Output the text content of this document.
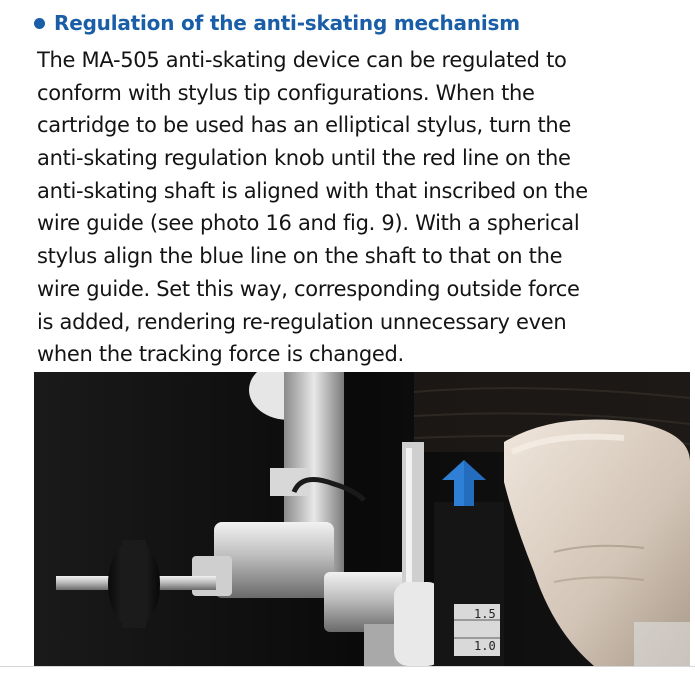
Regulation of the anti-skating mechanism

The MA-505 anti-skating device can be regulated to
conform with stylus tip configurations. When the
cartridge to be used has an elliptical stylus, turn the
anti-skating regulation knob until the red line on the
anti-skating shaft is aligned with that inscribed on the
wire guide (see photo 16 and fig. 9). With a spherical
stylus align the blue line on the shaft to that on the
wire guide. Set this way, corresponding outside force
is added, rendering re-regulation unnecessary even
when the tracking force is changed.

1.5
1.0
